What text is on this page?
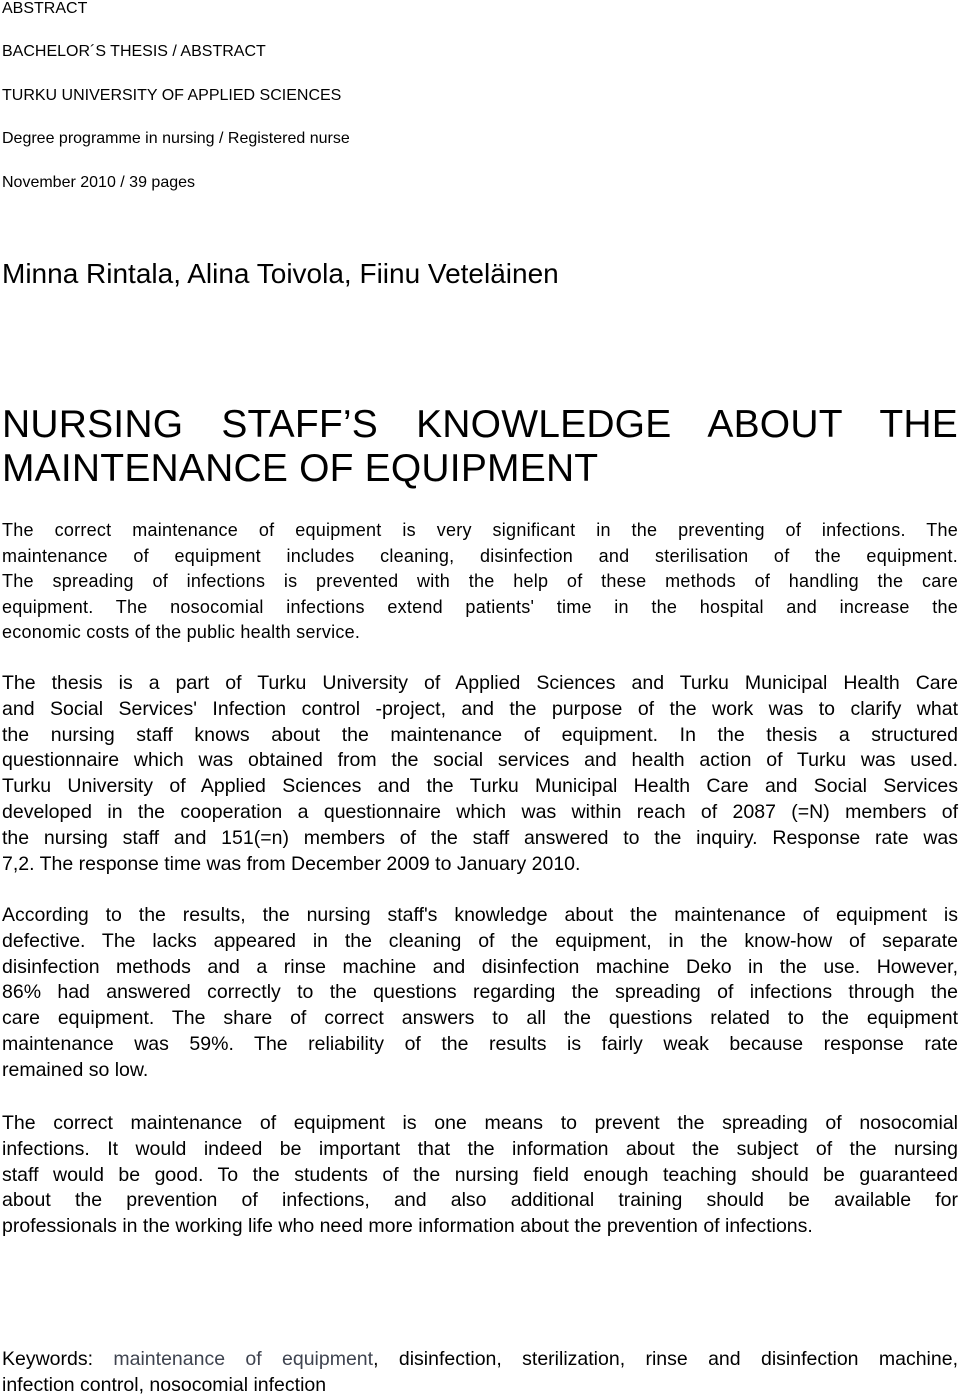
ABSTRACT
BACHELOR´S THESIS / ABSTRACT
TURKU UNIVERSITY OF APPLIED SCIENCES
Degree programme in nursing / Registered nurse
November 2010 / 39 pages
Minna Rintala, Alina Toivola, Fiinu Veteläinen
NURSING STAFF’S KNOWLEDGE ABOUT THE
MAINTENANCE OF EQUIPMENT
The correct maintenance of equipment is very significant in the preventing of infections. The
maintenance of equipment includes cleaning, disinfection and sterilisation of the equipment.
The spreading of infections is prevented with the help of these methods of handling the care
equipment. The nosocomial infections extend patients' time in the hospital and increase the
economic costs of the public health service.
The thesis is a part of Turku University of Applied Sciences and Turku Municipal Health Care
and Social Services' Infection control -project, and the purpose of the work was to clarify what
the nursing staff knows about the maintenance of equipment. In the thesis a structured
questionnaire which was obtained from the social services and health action of Turku was used.
Turku University of Applied Sciences and the Turku Municipal Health Care and Social Services
developed in the cooperation a questionnaire which was within reach of 2087 (=N) members of
the nursing staff and 151(=n) members of the staff answered to the inquiry. Response rate was
7,2. The response time was from December 2009 to January 2010.
According to the results, the nursing staff's knowledge about the maintenance of equipment is
defective. The lacks appeared in the cleaning of the equipment, in the know-how of separate
disinfection methods and a rinse machine and disinfection machine Deko in the use. However,
86% had answered correctly to the questions regarding the spreading of infections through the
care equipment. The share of correct answers to all the questions related to the equipment
maintenance was 59%. The reliability of the results is fairly weak because response rate
remained so low.
The correct maintenance of equipment is one means to prevent the spreading of nosocomial
infections. It would indeed be important that the information about the subject of the nursing
staff would be good. To the students of the nursing field enough teaching should be guaranteed
about the prevention of infections, and also additional training should be available for
professionals in the working life who need more information about the prevention of infections.
Keywords: maintenance of equipment, disinfection, sterilization, rinse and disinfection machine,
infection control, nosocomial infection
